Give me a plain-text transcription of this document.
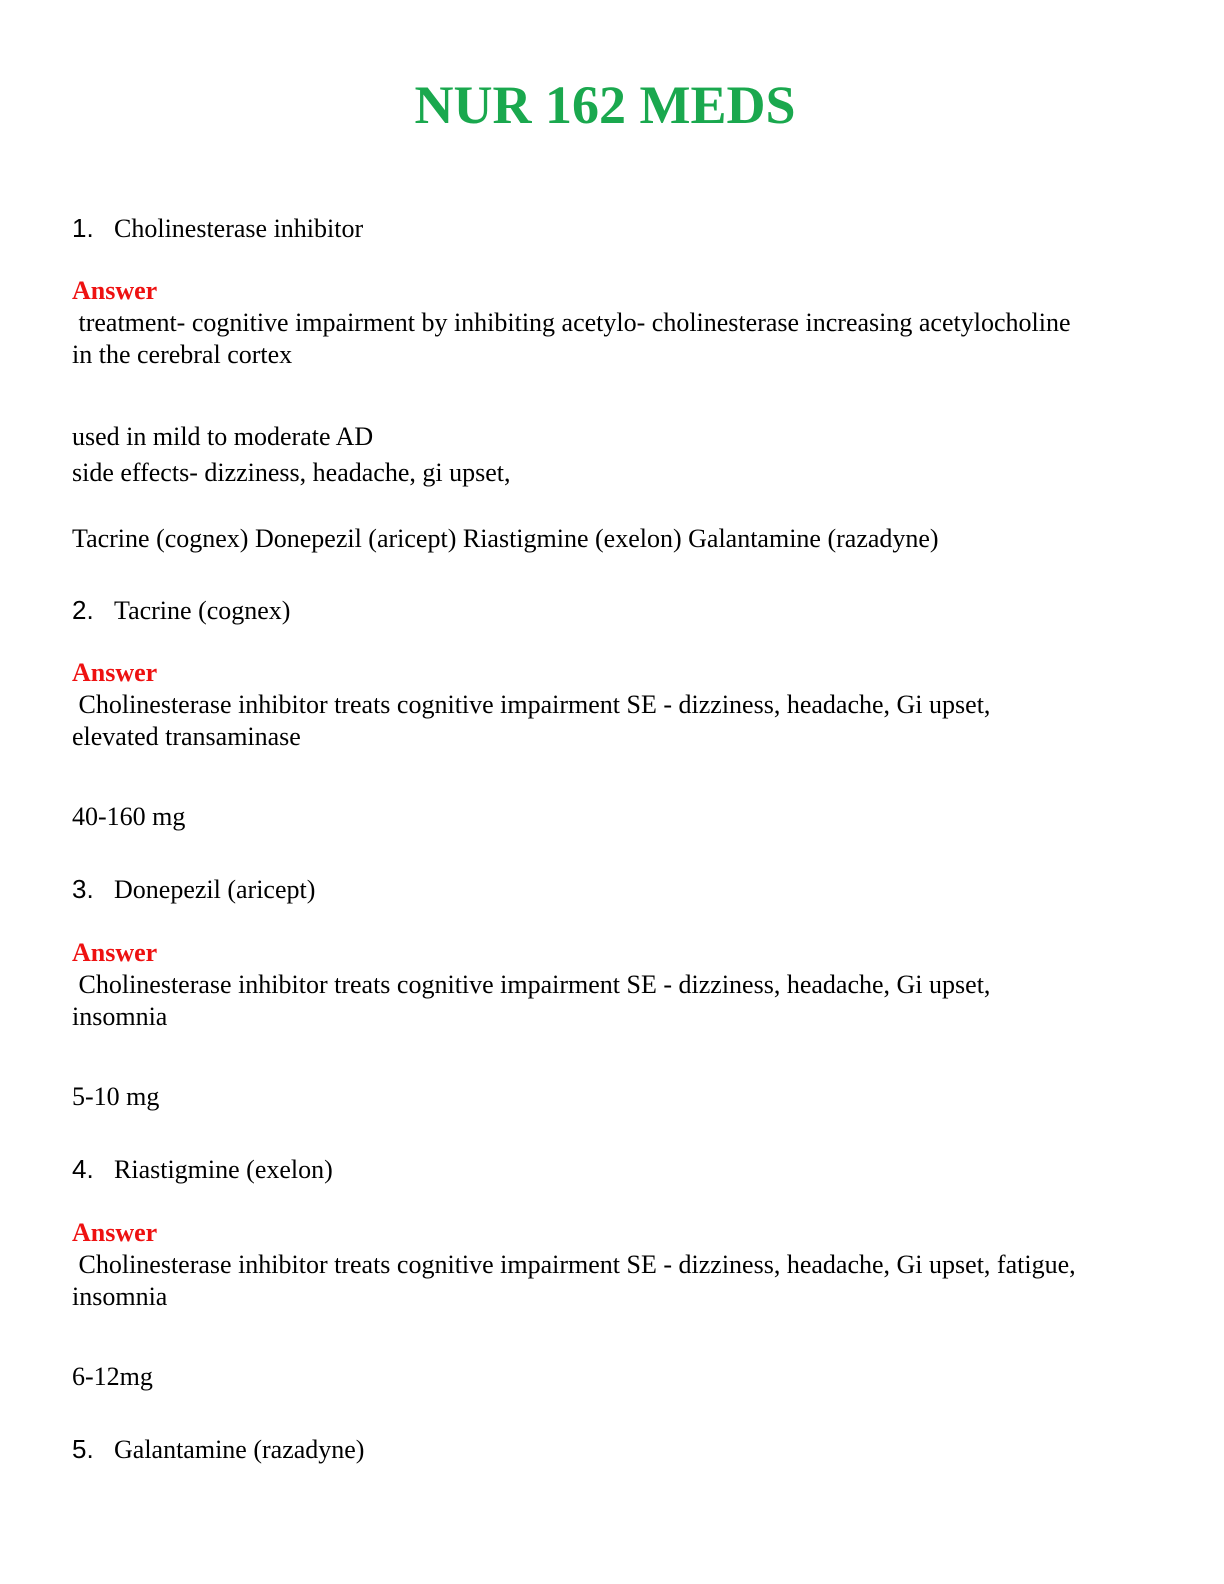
NUR 162 MEDS
1. Cholinesterase inhibitor
Answer
treatment- cognitive impairment by inhibiting acetylo- cholinesterase increasing acetylocholine
in the cerebral cortex
used in mild to moderate AD
side effects- dizziness, headache, gi upset,
Tacrine (cognex) Donepezil (aricept) Riastigmine (exelon) Galantamine (razadyne)
2. Tacrine (cognex)
Answer
Cholinesterase inhibitor treats cognitive impairment SE - dizziness, headache, Gi upset,
elevated transaminase
40-160 mg
3. Donepezil (aricept)
Answer
Cholinesterase inhibitor treats cognitive impairment SE - dizziness, headache, Gi upset,
insomnia
5-10 mg
4. Riastigmine (exelon)
Answer
Cholinesterase inhibitor treats cognitive impairment SE - dizziness, headache, Gi upset, fatigue,
insomnia
6-12mg
5. Galantamine (razadyne)
